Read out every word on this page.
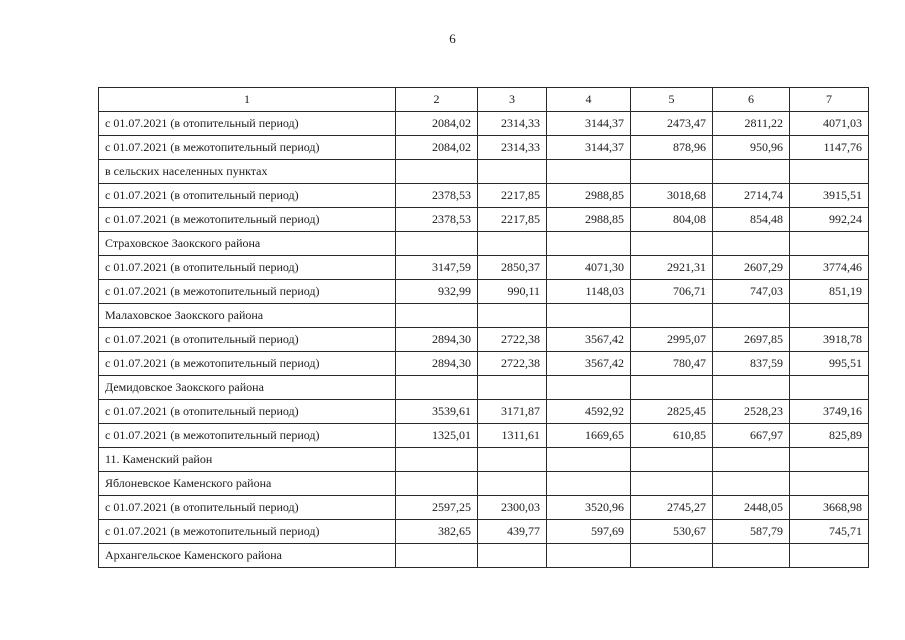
6
1	2	3	4	5	6	7
с 01.07.2021 (в отопительный период)	2084,02	2314,33	3144,37	2473,47	2811,22	4071,03
с 01.07.2021 (в межотопительный период)	2084,02	2314,33	3144,37	878,96	950,96	1147,76
в сельских населенных пунктах						
с 01.07.2021 (в отопительный период)	2378,53	2217,85	2988,85	3018,68	2714,74	3915,51
с 01.07.2021 (в межотопительный период)	2378,53	2217,85	2988,85	804,08	854,48	992,24
Страховское Заокского района						
с 01.07.2021 (в отопительный период)	3147,59	2850,37	4071,30	2921,31	2607,29	3774,46
с 01.07.2021 (в межотопительный период)	932,99	990,11	1148,03	706,71	747,03	851,19
Малаховское Заокского района						
с 01.07.2021 (в отопительный период)	2894,30	2722,38	3567,42	2995,07	2697,85	3918,78
с 01.07.2021 (в межотопительный период)	2894,30	2722,38	3567,42	780,47	837,59	995,51
Демидовское Заокского района						
с 01.07.2021 (в отопительный период)	3539,61	3171,87	4592,92	2825,45	2528,23	3749,16
с 01.07.2021 (в межотопительный период)	1325,01	1311,61	1669,65	610,85	667,97	825,89
11. Каменский район						
Яблоневское Каменского района						
с 01.07.2021 (в отопительный период)	2597,25	2300,03	3520,96	2745,27	2448,05	3668,98
с 01.07.2021 (в межотопительный период)	382,65	439,77	597,69	530,67	587,79	745,71
Архангельское Каменского района						
